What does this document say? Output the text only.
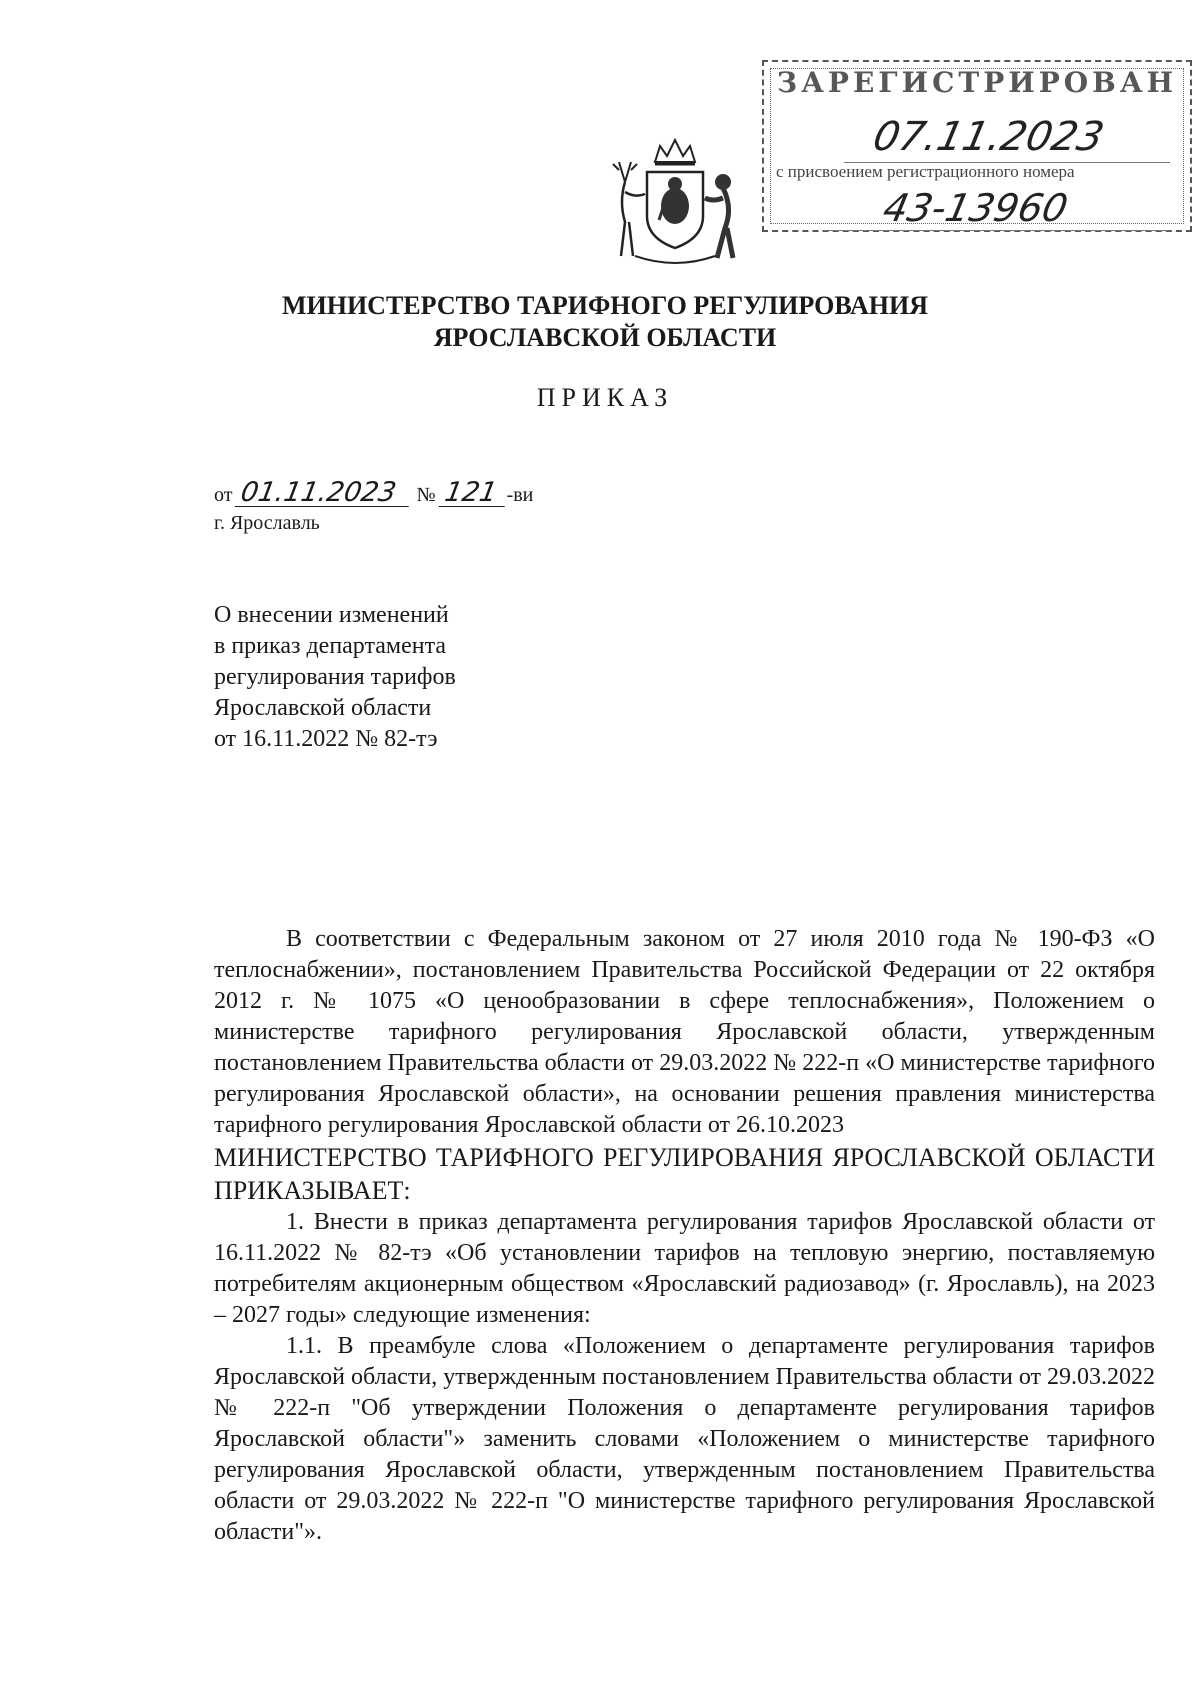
ЗАРЕГИСТРИРОВАН
07.11.2023
с присвоением регистрационного номера
43-13960
МИНИСТЕРСТВО ТАРИФНОГО РЕГУЛИРОВАНИЯ
ЯРОСЛАВСКОЙ ОБЛАСТИ
ПРИКАЗ
от 01.11.2023 № 121 -ви
г. Ярославль
О внесении изменений
в приказ департамента
регулирования тарифов
Ярославской области
от 16.11.2022 № 82-тэ

В соответствии с Федеральным законом от 27 июля 2010 года № 190-ФЗ «О теплоснабжении», постановлением Правительства Российской Федерации от 22 октября 2012 г. № 1075 «О ценообразовании в сфере теплоснабжения», Положением о министерстве тарифного регулирования Ярославской области, утвержденным постановлением Правительства области от 29.03.2022 № 222-п «О министерстве тарифного регулирования Ярославской области», на основании решения правления министерства тарифного регулирования Ярославской области от 26.10.2023

МИНИСТЕРСТВО ТАРИФНОГО РЕГУЛИРОВАНИЯ ЯРОСЛАВСКОЙ ОБЛАСТИ ПРИКАЗЫВАЕТ:

1. Внести в приказ департамента регулирования тарифов Ярославской области от 16.11.2022 № 82-тэ «Об установлении тарифов на тепловую энергию, поставляемую потребителям акционерным обществом «Ярославский радиозавод» (г. Ярославль), на 2023 – 2027 годы» следующие изменения:

1.1. В преамбуле слова «Положением о департаменте регулирования тарифов Ярославской области, утвержденным постановлением Правительства области от 29.03.2022 № 222-п "Об утверждении Положения о департаменте регулирования тарифов Ярославской области"» заменить словами «Положением о министерстве тарифного регулирования Ярославской области, утвержденным постановлением Правительства области от 29.03.2022 № 222-п "О министерстве тарифного регулирования Ярославской области"».
